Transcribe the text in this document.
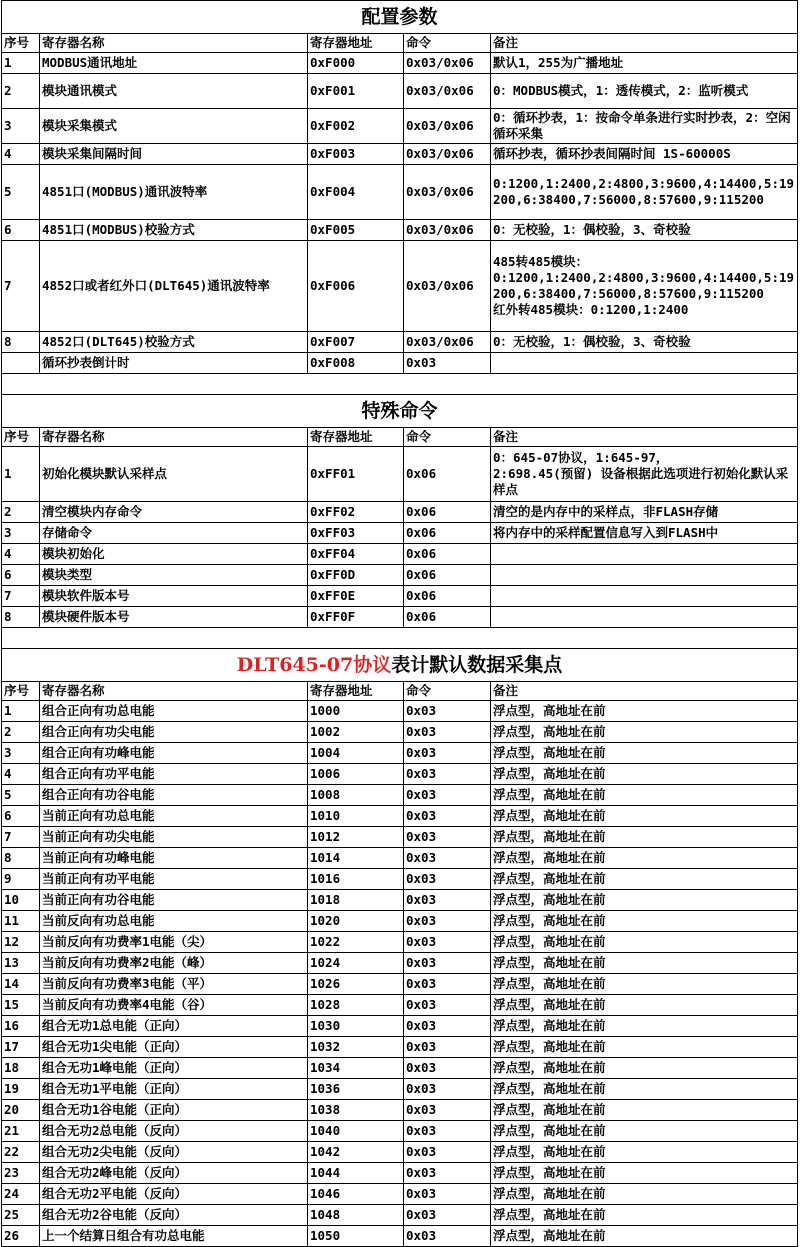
配置参数				
序号	寄存器名称	寄存器地址	命令	备注
1	MODBUS通讯地址	0xF000	0x03/0x06	默认1，255为广播地址
2	模块通讯模式	0xF001	0x03/0x06	0：MODBUS模式，1：透传模式，2：监听模式
3	模块采集模式	0xF002	0x03/0x06	0：循环抄表，1：按命令单条进行实时抄表，2：空闲循环采集
4	模块采集间隔时间	0xF003	0x03/0x06	循环抄表，循环抄表间隔时间 1S-60000S
5	4851口(MODBUS)通讯波特率	0xF004	0x03/0x06	0:1200,1:2400,2:4800,3:9600,4:14400,5:19200,6:38400,7:56000,8:57600,9:115200
6	4851口(MODBUS)校验方式	0xF005	0x03/0x06	0：无校验，1：偶校验，3、奇校验
7	4852口或者红外口(DLT645)通讯波特率	0xF006	0x03/0x06	485转485模块：
0:1200,1:2400,2:4800,3:9600,4:14400,5:19200,6:38400,7:56000,8:57600,9:115200
红外转485模块：0:1200,1:2400

8	4852口(DLT645)校验方式	0xF007	0x03/0x06	0：无校验，1：偶校验，3、奇校验
	循环抄表倒计时	0xF008	0x03	

特殊命令				
序号	寄存器名称	寄存器地址	命令	备注
1	初始化模块默认采样点	0xFF01	0x06	0：645-07协议，1:645-97，
2:698.45(预留) 设备根据此选项进行初始化默认采样点

2	清空模块内存命令	0xFF02	0x06	清空的是内存中的采样点，非FLASH存储
3	存储命令	0xFF03	0x06	将内存中的采样配置信息写入到FLASH中
4	模块初始化	0xFF04	0x06	
6	模块类型	0xFF0D	0x06	
7	模块软件版本号	0xFF0E	0x06	
8	模块硬件版本号	0xFF0F	0x06	

DLT645-07协议表计默认数据采集点				
序号	寄存器名称	寄存器地址	命令	备注
1	组合正向有功总电能	1000	0x03	浮点型，高地址在前
2	组合正向有功尖电能	1002	0x03	浮点型，高地址在前
3	组合正向有功峰电能	1004	0x03	浮点型，高地址在前
4	组合正向有功平电能	1006	0x03	浮点型，高地址在前
5	组合正向有功谷电能	1008	0x03	浮点型，高地址在前
6	当前正向有功总电能	1010	0x03	浮点型，高地址在前
7	当前正向有功尖电能	1012	0x03	浮点型，高地址在前
8	当前正向有功峰电能	1014	0x03	浮点型，高地址在前
9	当前正向有功平电能	1016	0x03	浮点型，高地址在前
10	当前正向有功谷电能	1018	0x03	浮点型，高地址在前
11	当前反向有功总电能	1020	0x03	浮点型，高地址在前
12	当前反向有功费率1电能（尖）	1022	0x03	浮点型，高地址在前
13	当前反向有功费率2电能（峰）	1024	0x03	浮点型，高地址在前
14	当前反向有功费率3电能（平）	1026	0x03	浮点型，高地址在前
15	当前反向有功费率4电能（谷）	1028	0x03	浮点型，高地址在前
16	组合无功1总电能（正向）	1030	0x03	浮点型，高地址在前
17	组合无功1尖电能（正向）	1032	0x03	浮点型，高地址在前
18	组合无功1峰电能（正向）	1034	0x03	浮点型，高地址在前
19	组合无功1平电能（正向）	1036	0x03	浮点型，高地址在前
20	组合无功1谷电能（正向）	1038	0x03	浮点型，高地址在前
21	组合无功2总电能（反向）	1040	0x03	浮点型，高地址在前
22	组合无功2尖电能（反向）	1042	0x03	浮点型，高地址在前
23	组合无功2峰电能（反向）	1044	0x03	浮点型，高地址在前
24	组合无功2平电能（反向）	1046	0x03	浮点型，高地址在前
25	组合无功2谷电能（反向）	1048	0x03	浮点型，高地址在前
26	上一个结算日组合有功总电能	1050	0x03	浮点型，高地址在前
